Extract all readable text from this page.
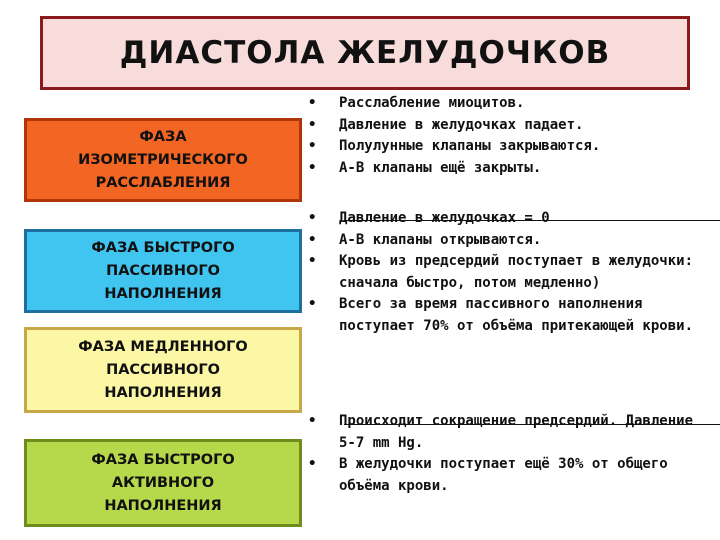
ДИАСТОЛА ЖЕЛУДОЧКОВ
ФАЗА
ИЗОМЕТРИЧЕСКОГО
РАССЛАБЛЕНИЯ
ФАЗА БЫСТРОГО
ПАССИВНОГО
НАПОЛНЕНИЯ
ФАЗА МЕДЛЕННОГО
ПАССИВНОГО
НАПОЛНЕНИЯ
ФАЗА БЫСТРОГО
АКТИВНОГО
НАПОЛНЕНИЯ
• Расслабление миоцитов.
• Давление в желудочках падает.
• Полулунные клапаны закрываются.
• А-В клапаны ещё закрыты.
• Давление в желудочках = 0
• А-В клапаны открываются.
• Кровь из предсердий поступает в желудочки: сначала быстро, потом медленно)
• Всего за время пассивного наполнения поступает 70% от объёма притекающей крови.
• Происходит сокращение предсердий. Давление 5-7 mm Hg.
• В желудочки поступает ещё 30% от общего объёма крови.
